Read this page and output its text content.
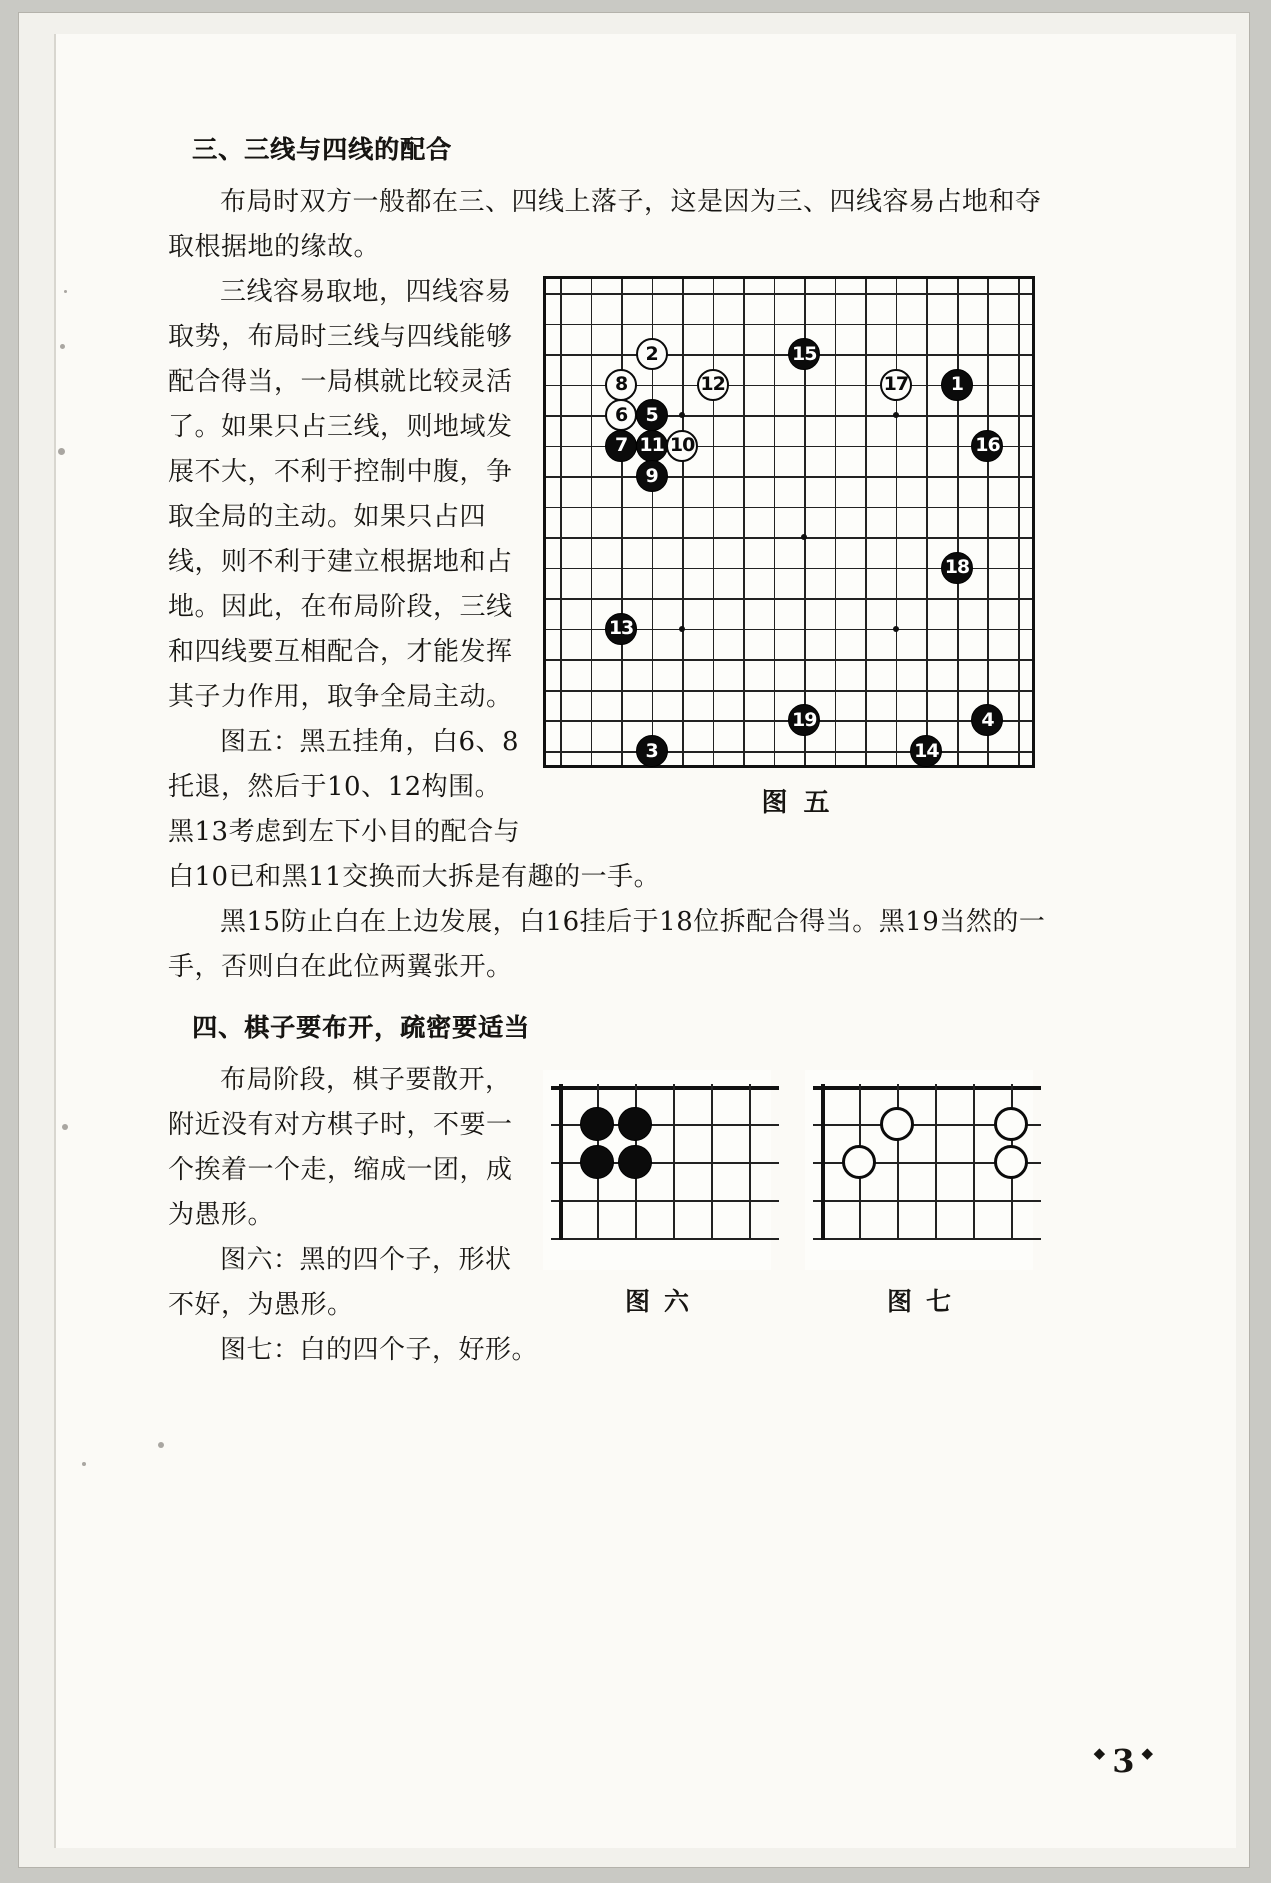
三、三线与四线的配合

布局时双方一般都在三、四线上落子，这是因为三、四线容易占地和夺取根据地的缘故。

2
8	12
15
17	1
6 5
7 11 10	16
9
18
13
19	4
14
3
图五

三线容易取地，四线容易取势，布局时三线与四线能够配合得当，一局棋就比较灵活了。如果只占三线，则地域发展不大，不利于控制中腹，争取全局的主动。如果只占四线，则不利于建立根据地和占地。因此，在布局阶段，三线和四线要互相配合，才能发挥其子力作用，取争全局主动。

图五：黑五挂角，白6、8托退，然后于10、12构围。黑13考虑到左下小目的配合与白10已和黑11交换而大拆是有趣的一手。

黑15防止白在上边发展，白16挂后于18位拆配合得当。黑19当然的一手，否则白在此位两翼张开。

四、棋子要布开，疏密要适当
图六	图七

布局阶段，棋子要散开，附近没有对方棋子时，不要一个挨着一个走，缩成一团，成为愚形。

图六：黑的四个子，形状不好，为愚形。

图七：白的四个子，好形。

◆ 3 ◆
